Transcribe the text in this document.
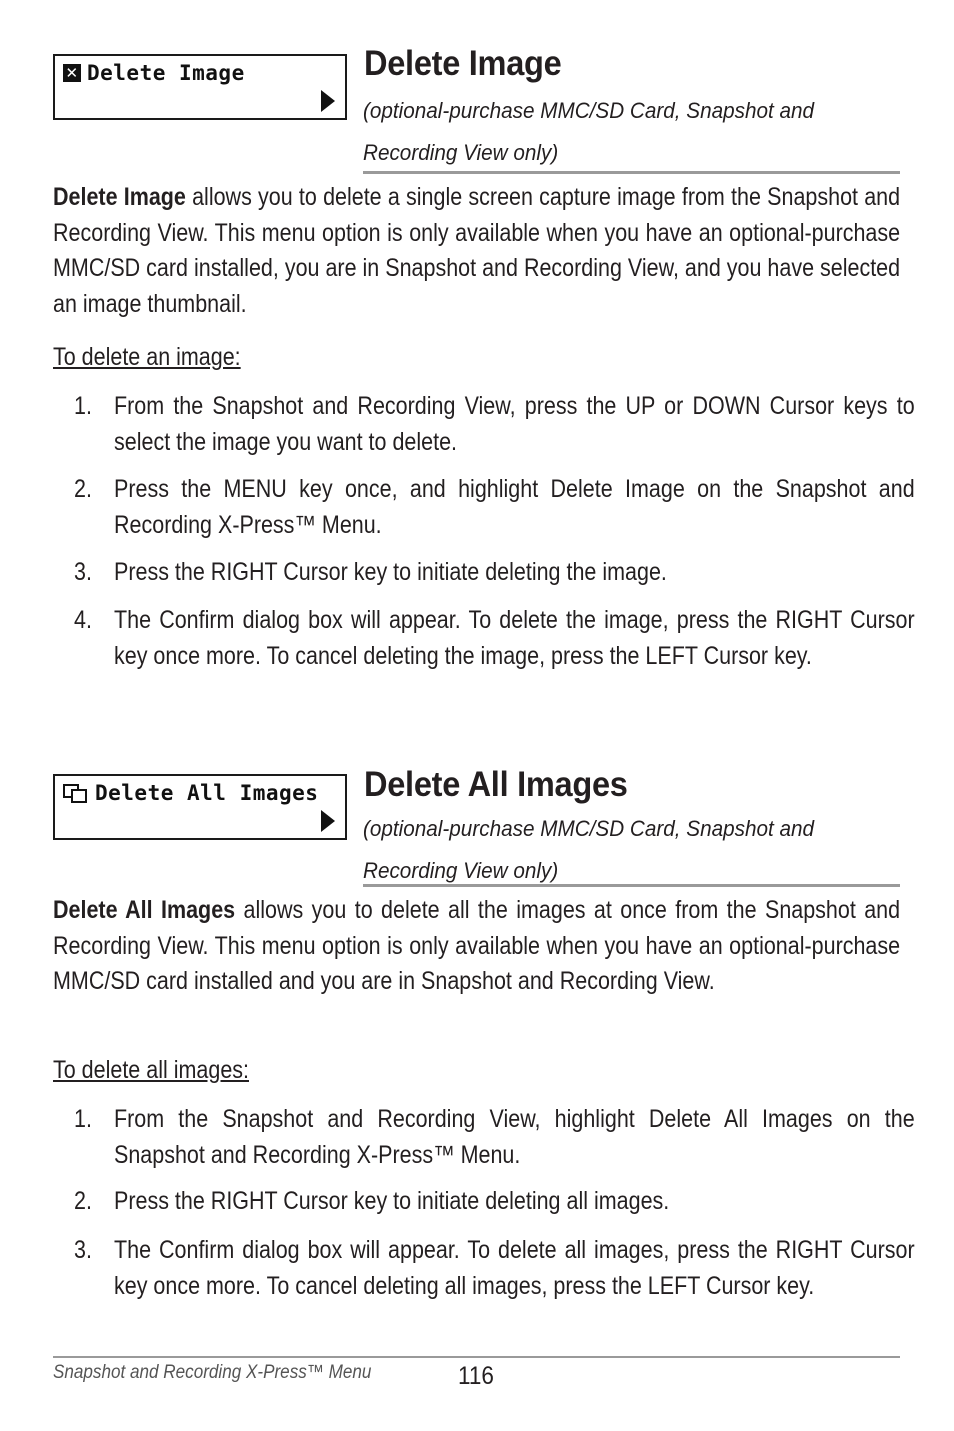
✕ Delete Image	Delete Image
(optional-purchase MMC/SD Card, Snapshot and Recording View only)
Delete Image allows you to delete a single screen capture image from the Snapshot and Recording View. This menu option is only available when you have an optional-purchase MMC/SD card installed, you are in Snapshot and Recording View, and you have selected an image thumbnail.
To delete an image:
1. From the Snapshot and Recording View, press the UP or DOWN Cursor keys to select the image you want to delete.
2. Press the MENU key once, and highlight Delete Image on the Snapshot and Recording X-Press™ Menu.
3. Press the RIGHT Cursor key to initiate deleting the image.
4. The Confirm dialog box will appear. To delete the image, press the RIGHT Cursor key once more. To cancel deleting the image, press the LEFT Cursor key.
Delete All Images Delete All Images
(optional-purchase MMC/SD Card, Snapshot and Recording View only)
Delete All Images allows you to delete all the images at once from the Snapshot and Recording View. This menu option is only available when you have an optional-purchase MMC/SD card installed and you are in Snapshot and Recording View.
To delete all images:
1. From the Snapshot and Recording View, highlight Delete All Images on the Snapshot and Recording X-Press™ Menu.
2. Press the RIGHT Cursor key to initiate deleting all images.
3. The Confirm dialog box will appear. To delete all images, press the RIGHT Cursor key once more. To cancel deleting all images, press the LEFT Cursor key.
Snapshot and Recording X-Press™ Menu	116
